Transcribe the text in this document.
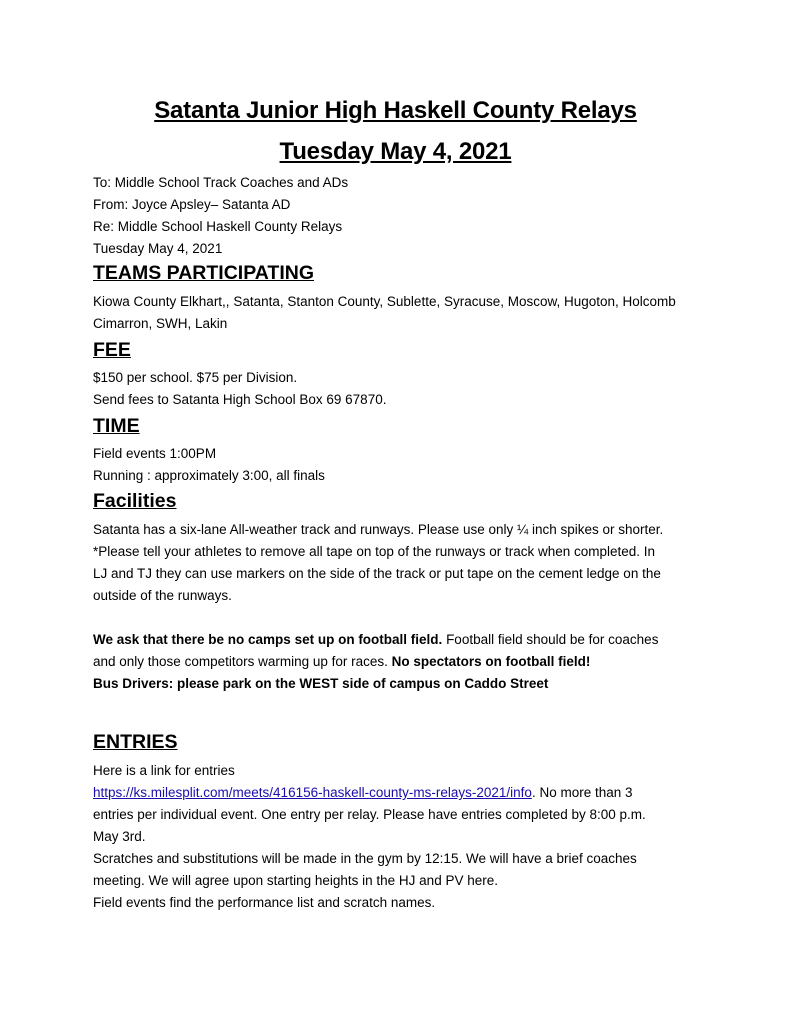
Satanta Junior High Haskell County Relays
Tuesday May 4, 2021
To: Middle School Track Coaches and ADs
From: Joyce Apsley– Satanta AD
Re: Middle School Haskell County Relays
Tuesday May 4, 2021
TEAMS PARTICIPATING
Kiowa County Elkhart,, Satanta, Stanton County, Sublette, Syracuse, Moscow, Hugoton, Holcomb
Cimarron, SWH, Lakin
FEE
$150 per school. $75 per Division.
Send fees to Satanta High School Box 69 67870.
TIME
Field events 1:00PM
Running : approximately 3:00, all finals
Facilities
Satanta has a six-lane All-weather track and runways. Please use only ¼ inch spikes or shorter.
*Please tell your athletes to remove all tape on top of the runways or track when completed. In
LJ and TJ they can use markers on the side of the track or put tape on the cement ledge on the
outside of the runways.
We ask that there be no camps set up on football field. Football field should be for coaches
and only those competitors warming up for races. No spectators on football field!
Bus Drivers: please park on the WEST side of campus on Caddo Street
ENTRIES
Here is a link for entries
https://ks.milesplit.com/meets/416156-haskell-county-ms-relays-2021/info. No more than 3
entries per individual event. One entry per relay. Please have entries completed by 8:00 p.m.
May 3rd.
Scratches and substitutions will be made in the gym by 12:15. We will have a brief coaches
meeting. We will agree upon starting heights in the HJ and PV here.
Field events find the performance list and scratch names.
